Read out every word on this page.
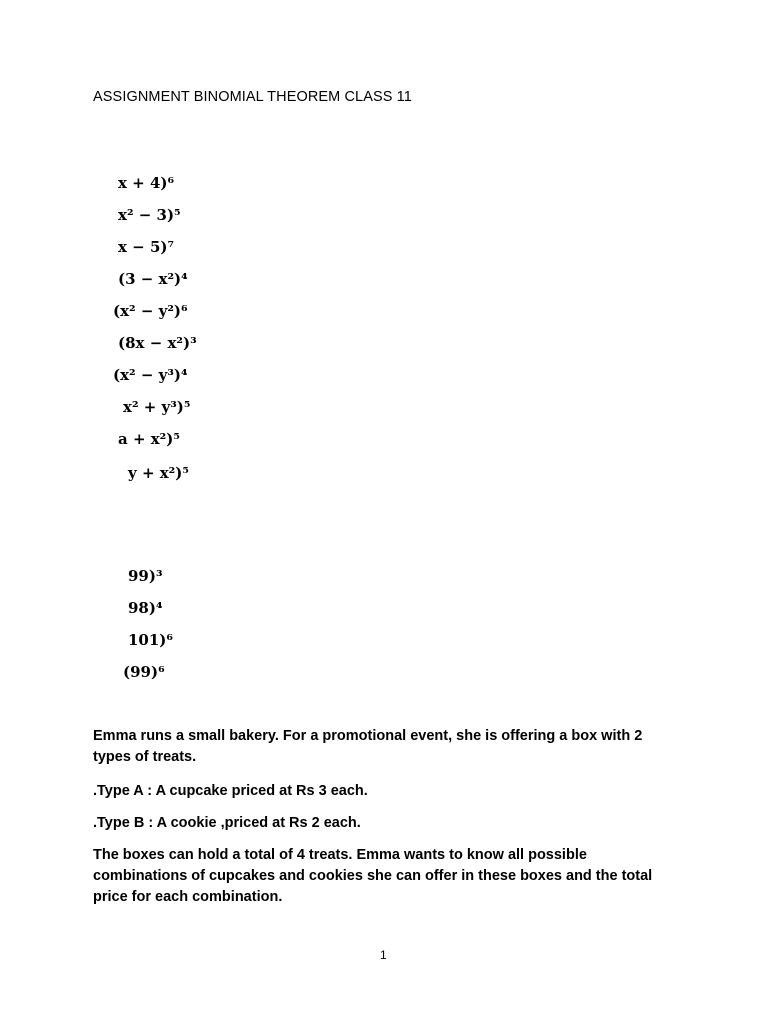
ASSIGNMENT BINOMIAL THEOREM CLASS 11

x + 4)⁶

x² − 3)⁵

x − 5)⁷

(3 − x²)⁴

(x² − y²)⁶

(8x − x²)³

(x² − y³)⁴

x² + y³)⁵

a + x²)⁵

y + x²)⁵

99)³

98)⁴

101)⁶

(99)⁶

Emma runs a small bakery. For a promotional event, she is offering a box with 2 types of treats.

.Type A : A cupcake priced at Rs 3 each.

.Type B : A cookie ,priced at Rs 2 each.

The boxes can hold a total of 4 treats. Emma wants to know all possible combinations of cupcakes and cookies she can offer in these boxes and the total price for each combination.

1
